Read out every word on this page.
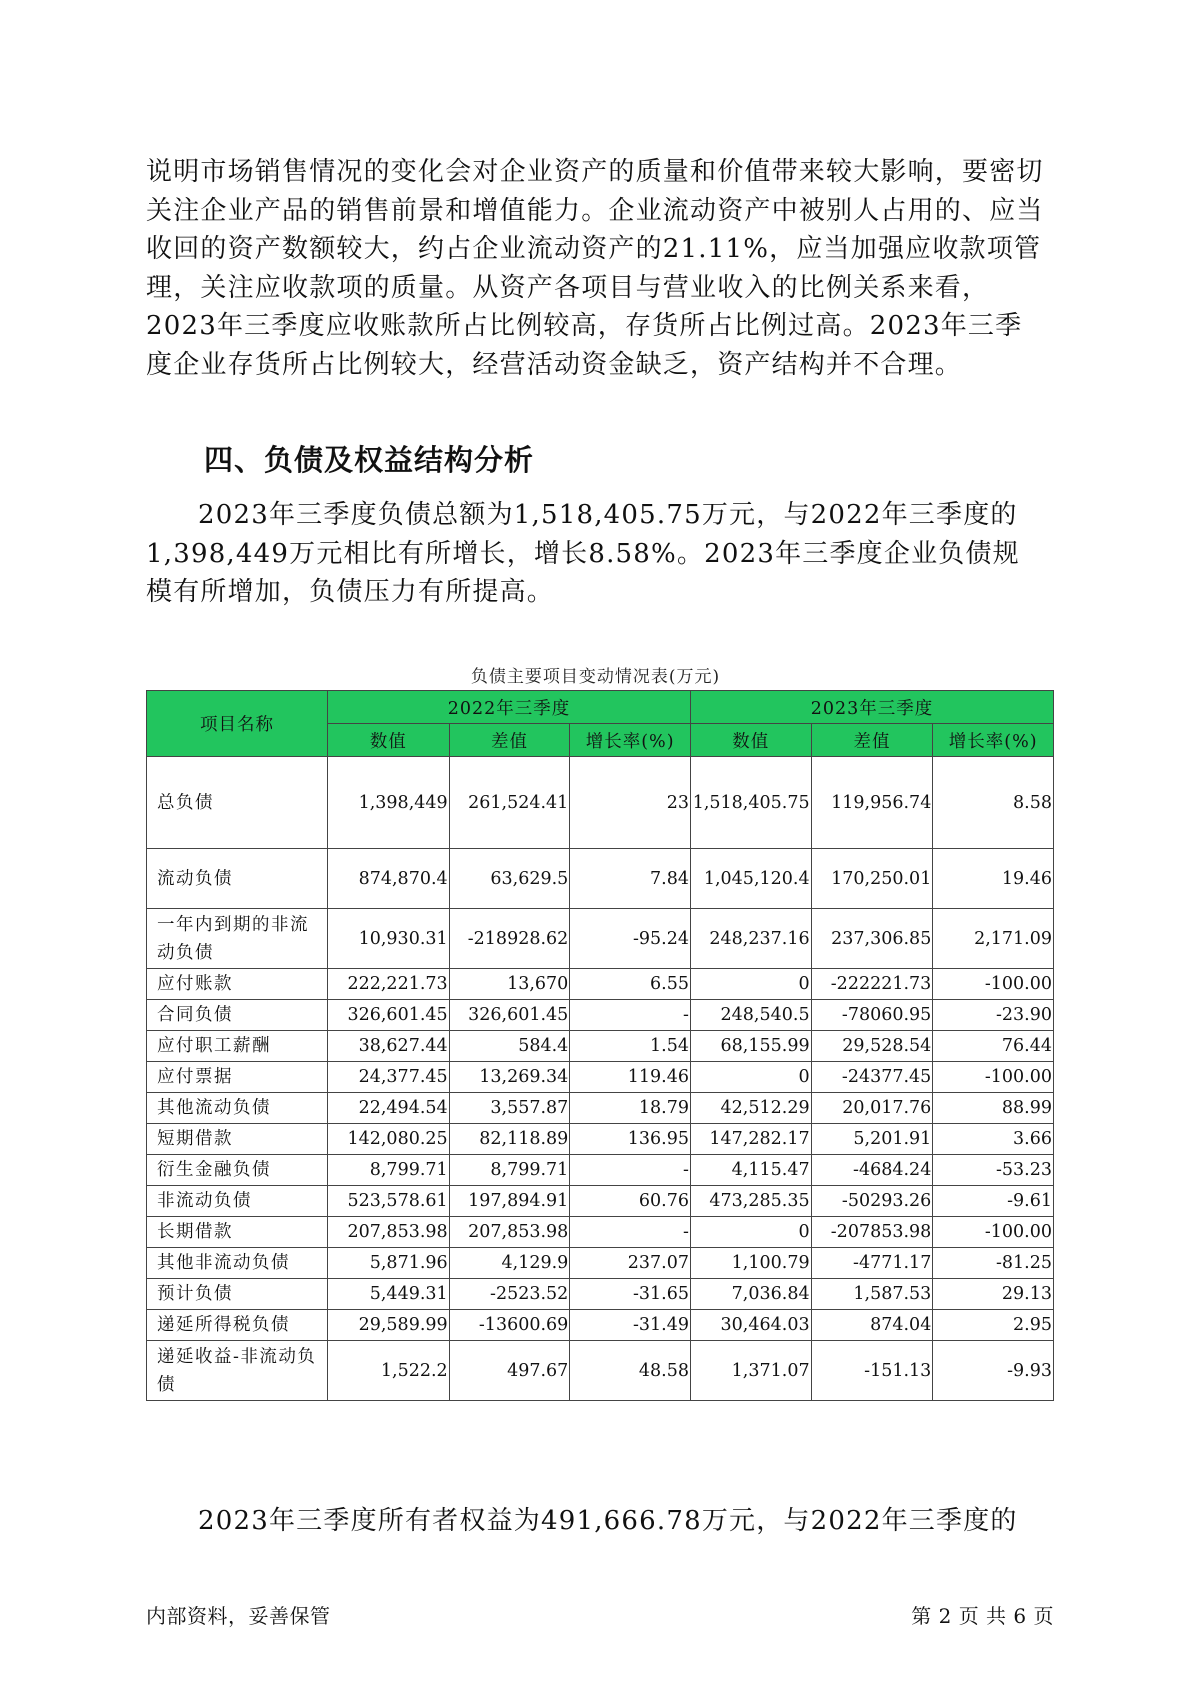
说明市场销售情况的变化会对企业资产的质量和价值带来较大影响，要密切关注企业产品的销售前景和增值能力。企业流动资产中被别人占用的、应当收回的资产数额较大，约占企业流动资产的21.11%，应当加强应收款项管理，关注应收款项的质量。从资产各项目与营业收入的比例关系来看，2023年三季度应收账款所占比例较高，存货所占比例过高。2023年三季度企业存货所占比例较大，经营活动资金缺乏，资产结构并不合理。

四、负债及权益结构分析

2023年三季度负债总额为1,518,405.75万元，与2022年三季度的1,398,449万元相比有所增长，增长8.58%。2023年三季度企业负债规模有所增加，负债压力有所提高。

负债主要项目变动情况表(万元)
项目名称	2022年三季度			2023年三季度		
	数值	差值	增长率(%)	数值	差值	增长率(%)
总负债	1,398,449	261,524.41	23	1,518,405.75	119,956.74	8.58
流动负债	874,870.4	63,629.5	7.84	1,045,120.4	170,250.01	19.46
一年内到期的非流动负债	10,930.31	-218928.62	-95.24	248,237.16	237,306.85	2,171.09
应付账款	222,221.73	13,670	6.55	0	-222221.73	-100.00
合同负债	326,601.45	326,601.45	-	248,540.5	-78060.95	-23.90
应付职工薪酬	38,627.44	584.4	1.54	68,155.99	29,528.54	76.44
应付票据	24,377.45	13,269.34	119.46	0	-24377.45	-100.00
其他流动负债	22,494.54	3,557.87	18.79	42,512.29	20,017.76	88.99
短期借款	142,080.25	82,118.89	136.95	147,282.17	5,201.91	3.66
衍生金融负债	8,799.71	8,799.71	-	4,115.47	-4684.24	-53.23
非流动负债	523,578.61	197,894.91	60.76	473,285.35	-50293.26	-9.61
长期借款	207,853.98	207,853.98	-	0	-207853.98	-100.00
其他非流动负债	5,871.96	4,129.9	237.07	1,100.79	-4771.17	-81.25
预计负债	5,449.31	-2523.52	-31.65	7,036.84	1,587.53	29.13
递延所得税负债	29,589.99	-13600.69	-31.49	30,464.03	874.04	2.95
递延收益-非流动负债	1,522.2	497.67	48.58	1,371.07	-151.13	-9.93

2023年三季度所有者权益为491,666.78万元，与2022年三季度的

内部资料，妥善保管	第 2 页 共 6 页
